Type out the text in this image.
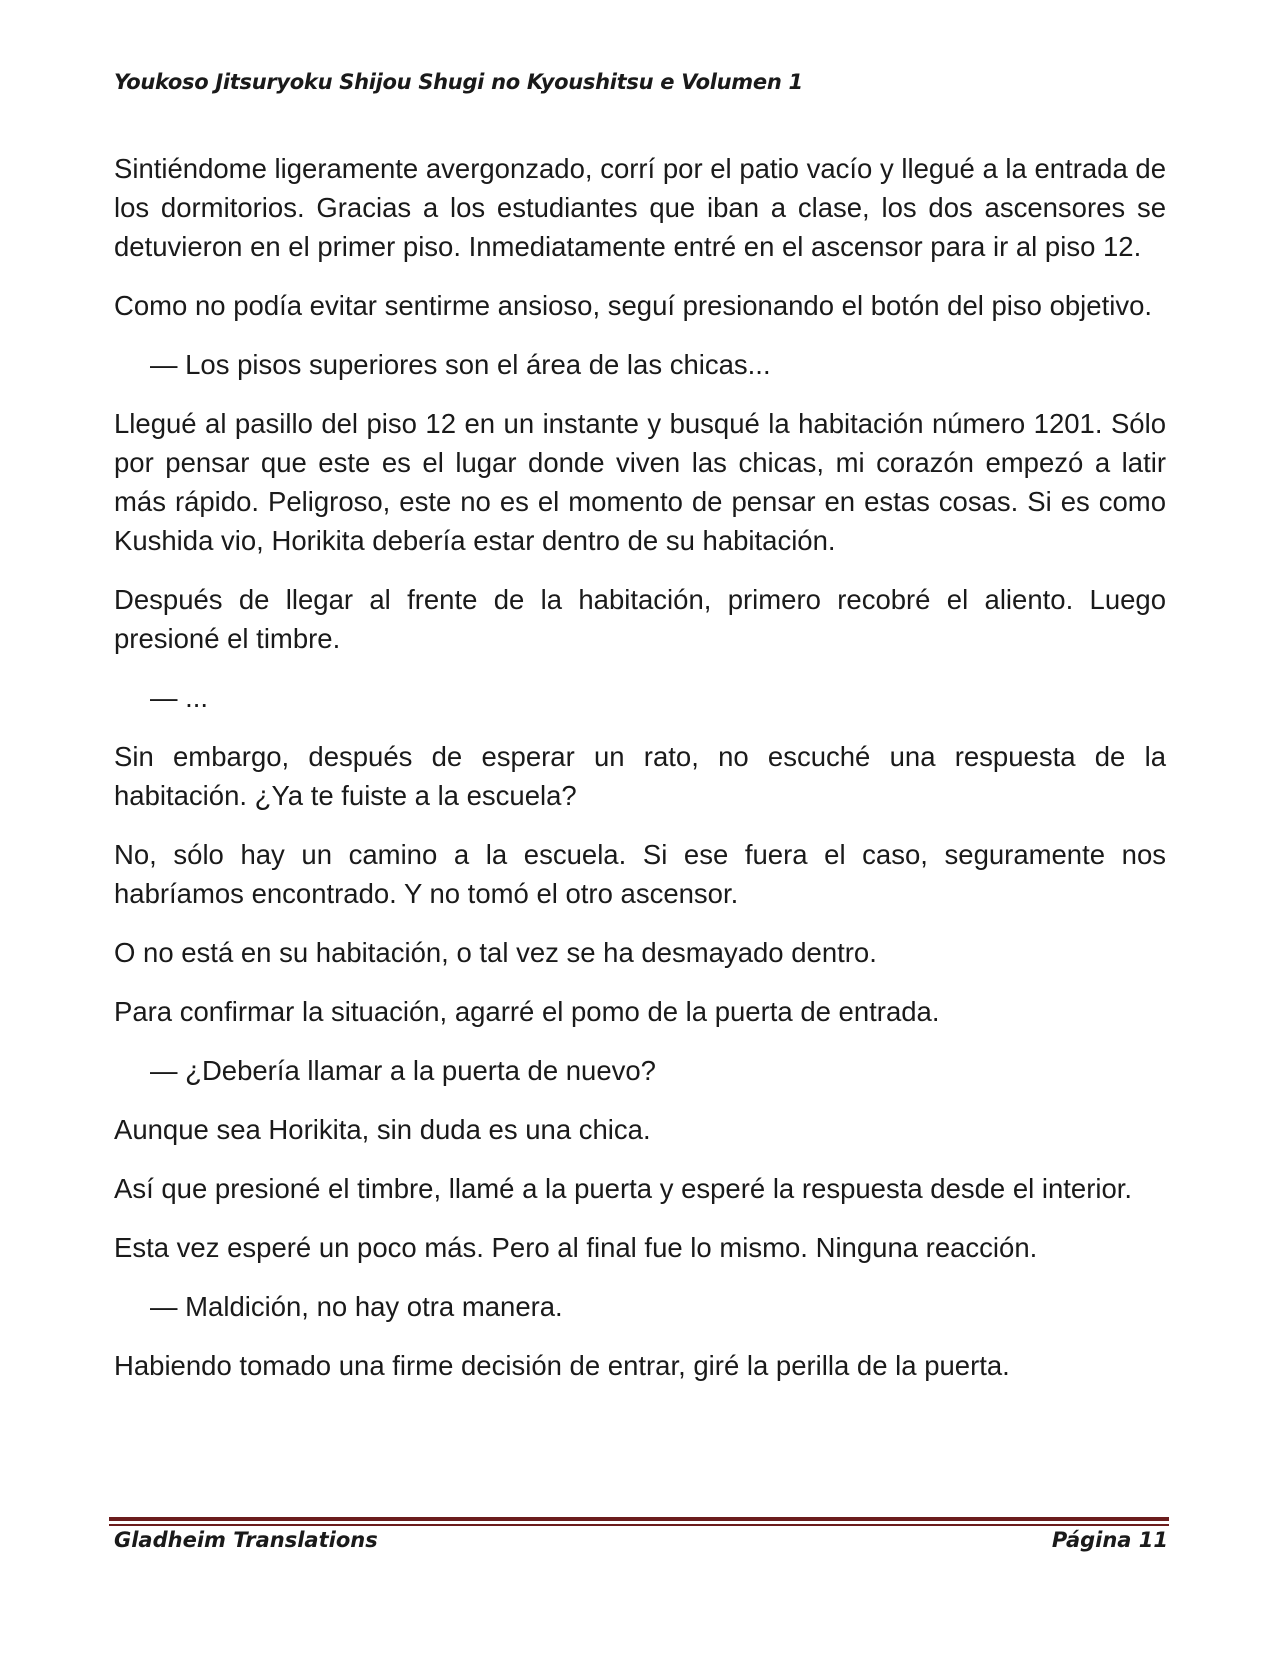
Youkoso Jitsuryoku Shijou Shugi no Kyoushitsu e Volumen 1

Sintiéndome ligeramente avergonzado, corrí por el patio vacío y llegué a la entrada de los dormitorios. Gracias a los estudiantes que iban a clase, los dos ascensores se detuvieron en el primer piso. Inmediatamente entré en el ascensor para ir al piso 12.

Como no podía evitar sentirme ansioso, seguí presionando el botón del piso objetivo.

— Los pisos superiores son el área de las chicas...

Llegué al pasillo del piso 12 en un instante y busqué la habitación número 1201. Sólo por pensar que este es el lugar donde viven las chicas, mi corazón empezó a latir más rápido. Peligroso, este no es el momento de pensar en estas cosas. Si es como Kushida vio, Horikita debería estar dentro de su habitación.

Después de llegar al frente de la habitación, primero recobré el aliento. Luego presioné el timbre.

— ...

Sin embargo, después de esperar un rato, no escuché una respuesta de la habitación. ¿Ya te fuiste a la escuela?

No, sólo hay un camino a la escuela. Si ese fuera el caso, seguramente nos habríamos encontrado. Y no tomó el otro ascensor.

O no está en su habitación, o tal vez se ha desmayado dentro.

Para confirmar la situación, agarré el pomo de la puerta de entrada.

— ¿Debería llamar a la puerta de nuevo?

Aunque sea Horikita, sin duda es una chica.

Así que presioné el timbre, llamé a la puerta y esperé la respuesta desde el interior.

Esta vez esperé un poco más. Pero al final fue lo mismo. Ninguna reacción.

— Maldición, no hay otra manera.

Habiendo tomado una firme decisión de entrar, giré la perilla de la puerta.

Gladheim Translations	Página 11
